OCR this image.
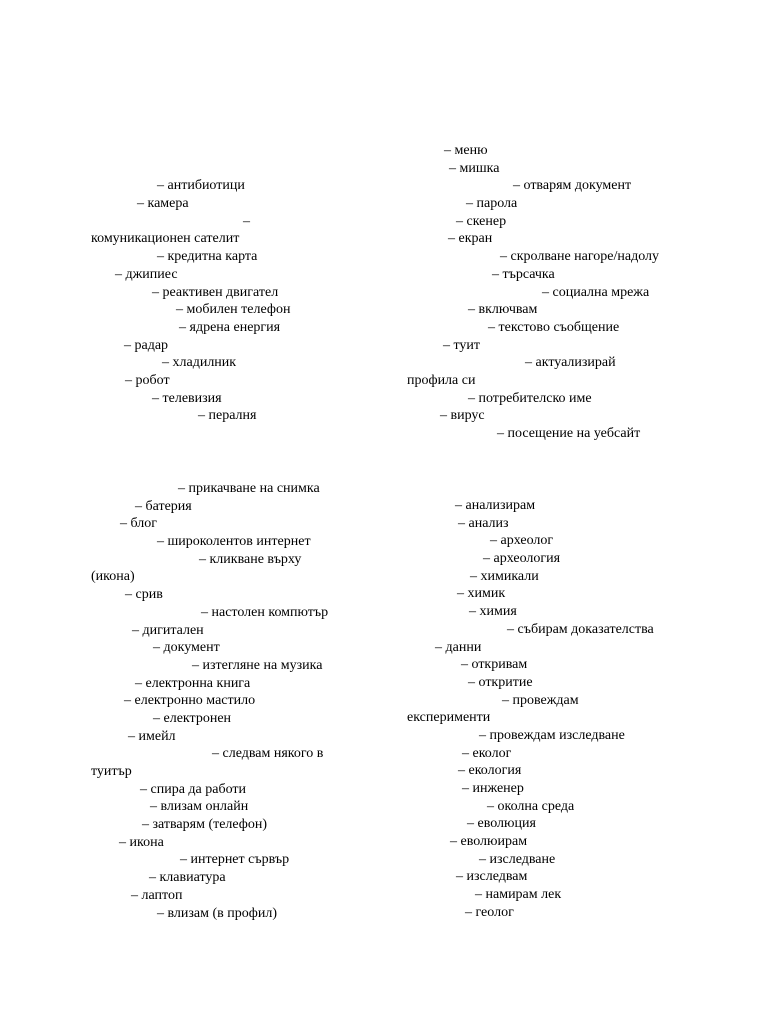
– антибиотици
– камера
–
комуникационен сателит
– кредитна карта
– джипиес
– реактивен двигател
– мобилен телефон
– ядрена енергия
– радар
– хладилник
– робот
– телевизия
– пералня
– меню
– мишка
– отварям документ
– парола
– скенер
– екран
– скролване нагоре/надолу
– търсачка
– социална мрежа
– включвам
– текстово съобщение
– туит
– актуализирай
профила си
– потребителско име
– вирус
– посещение на уебсайт
– прикачване на снимка
– батерия
– блог
– широколентов интернет
– кликване върху
(икона)
– срив
– настолен компютър
– дигитален
– документ
– изтегляне на музика
– електронна книга
– електронно мастило
– електронен
– имейл
– следвам някого в
туитър
– спира да работи
– влизам онлайн
– затварям (телефон)
– икона
– интернет сървър
– клавиатура
– лаптоп
– влизам (в профил)
– анализирам
– анализ
– археолог
– археология
– химикали
– химик
– химия
– събирам доказателства
– данни
– откривам
– откритие
– провеждам
експерименти
– провеждам изследване
– еколог
– екология
– инженер
– околна среда
– еволюция
– еволюирам
– изследване
– изследвам
– намирам лек
– геолог
